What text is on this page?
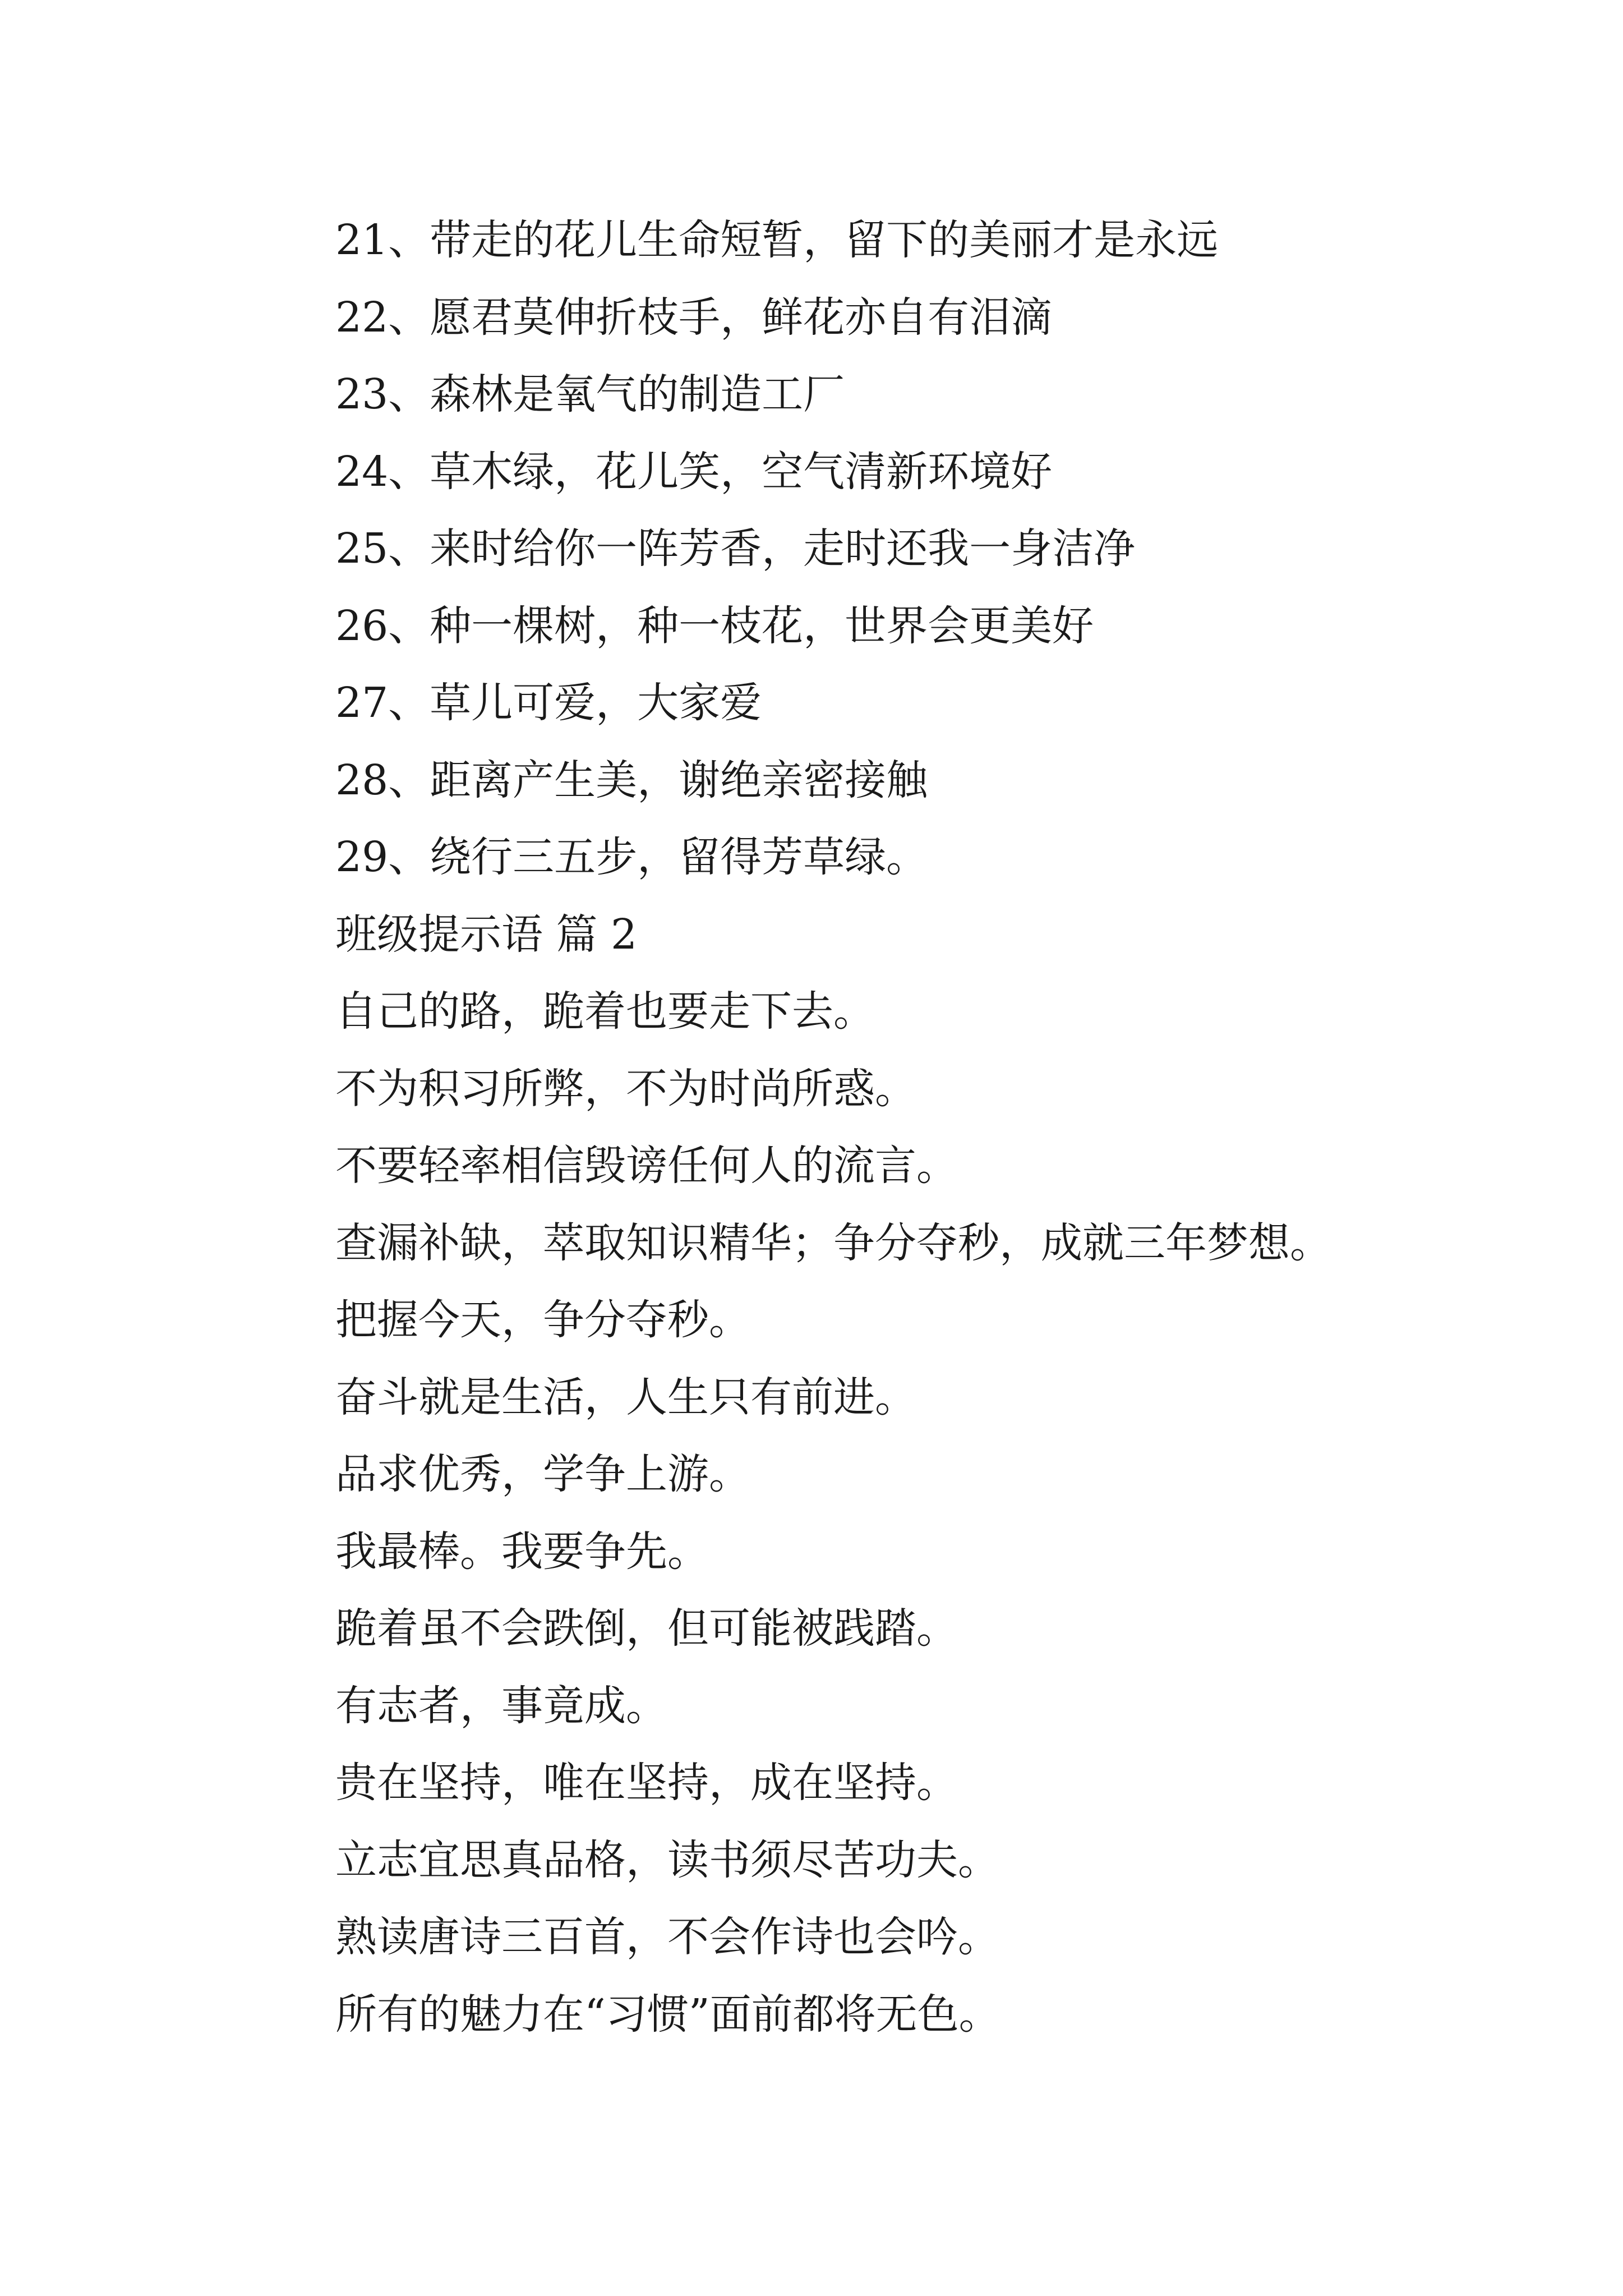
21、带走的花儿生命短暂，留下的美丽才是永远
22、愿君莫伸折枝手，鲜花亦自有泪滴
23、森林是氧气的制造工厂
24、草木绿，花儿笑，空气清新环境好
25、来时给你一阵芳香，走时还我一身洁净
26、种一棵树，种一枝花，世界会更美好
27、草儿可爱，大家爱
28、距离产生美，谢绝亲密接触
29、绕行三五步，留得芳草绿。
班级提示语 篇 2
自己的路，跪着也要走下去。
不为积习所弊，不为时尚所惑。
不要轻率相信毁谤任何人的流言。
查漏补缺，萃取知识精华；争分夺秒，成就三年梦想。
把握今天，争分夺秒。
奋斗就是生活，人生只有前进。
品求优秀，学争上游。
我最棒。我要争先。
跪着虽不会跌倒，但可能被践踏。
有志者，事竟成。
贵在坚持，唯在坚持，成在坚持。
立志宜思真品格，读书须尽苦功夫。
熟读唐诗三百首，不会作诗也会吟。
所有的魅力在“习惯”面前都将无色。
